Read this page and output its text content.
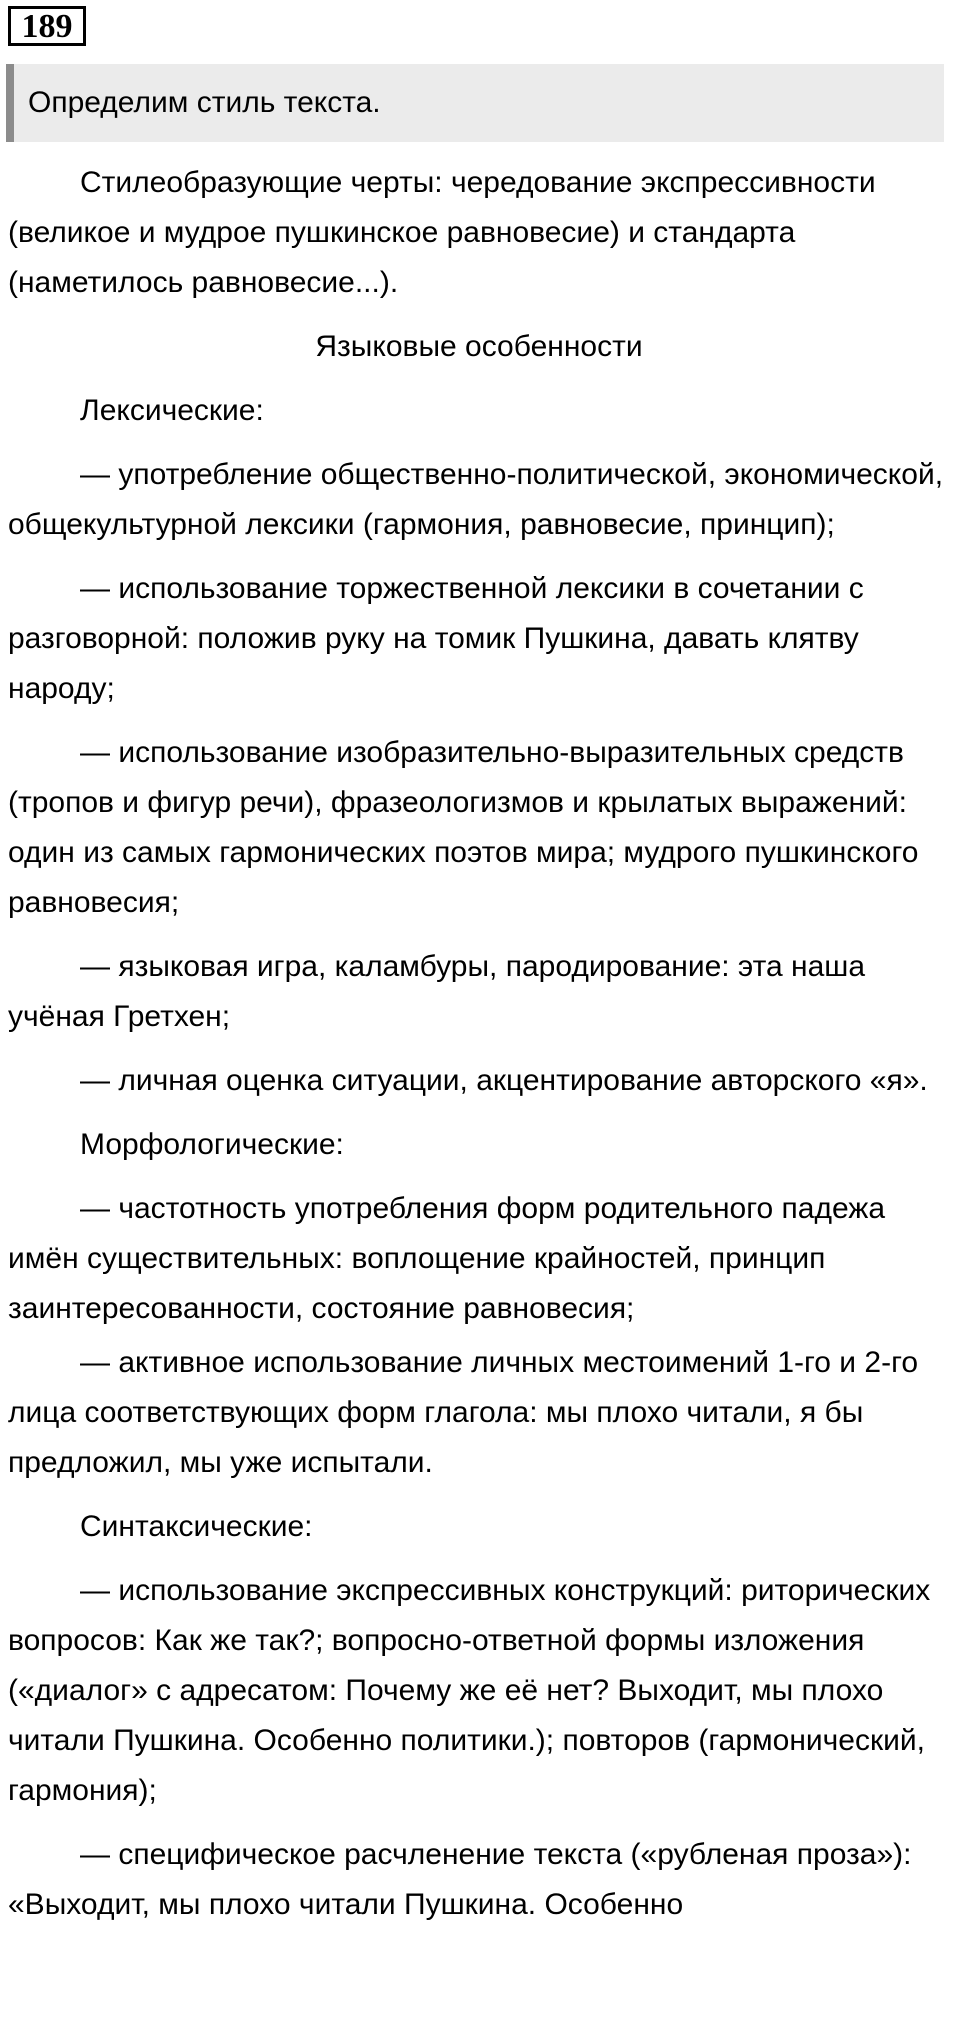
189
Определим стиль текста.

Стилеобразующие черты: чередование экспрессивности (великое и мудрое пушкинское равновесие) и стандарта (наметилось равновесие...).

Языковые особенности

Лексические:

— употребление общественно-политической, экономической, общекультурной лексики (гармония, равновесие, принцип);

— использование торжественной лексики в сочетании с разговорной: положив руку на томик Пушкина, давать клятву народу;

— использование изобразительно-выразительных средств (тропов и фигур речи), фразеологизмов и крылатых выражений: один из самых гармонических поэтов мира; мудрого пушкинского равновесия;

— языковая игра, каламбуры, пародирование: эта наша учёная Гретхен;

— личная оценка ситуации, акцентирование авторского «я».

Морфологические:

— частотность употребления форм родительного падежа имён существительных: воплощение крайностей, принцип заинтересованности, состояние равновесия;

— активное использование личных местоимений 1-го и 2-го лица соответствующих форм глагола: мы плохо читали, я бы предложил, мы уже испытали.

Синтаксические:

— использование экспрессивных конструкций: риторических вопросов: Как же так?; вопросно-ответной формы изложения («диалог» с адресатом: Почему же её нет? Выходит, мы плохо читали Пушкина. Особенно политики.); повторов (гармонический, гармония);

— специфическое расчленение текста («рубленая проза»): «Выходит, мы плохо читали Пушкина. Особенно
